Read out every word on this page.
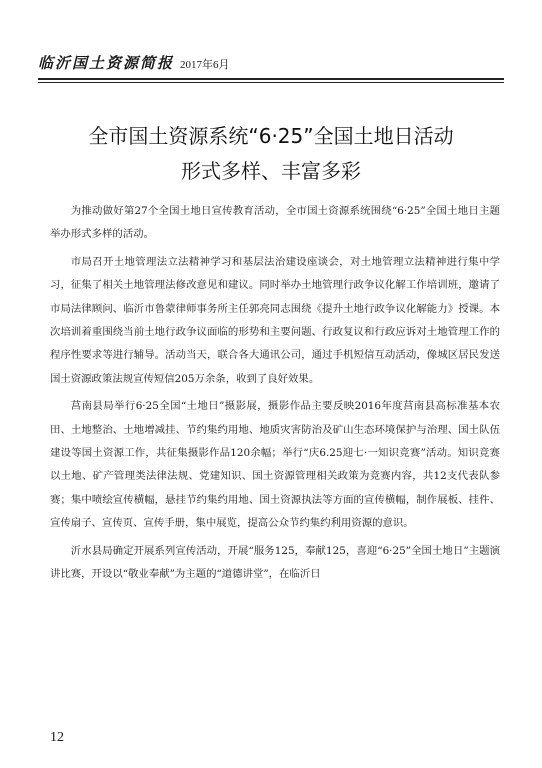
临沂国土资源简报 2017年6月
全市国土资源系统“6·25”全国土地日活动
形式多样、丰富多彩

为推动做好第27个全国土地日宣传教育活动，全市国土资源系统围绕“6·25”全国土地日主题举办形式多样的活动。

市局召开土地管理法立法精神学习和基层法治建设座谈会，对土地管理立法精神进行集中学习，征集了相关土地管理法修改意见和建议。同时举办土地管理行政争议化解工作培训班，邀请了市局法律顾问、临沂市鲁蒙律师事务所主任郭亮同志围绕《提升土地行政争议化解能力》授课。本次培训着重围绕当前土地行政争议面临的形势和主要问题、行政复议和行政应诉对土地管理工作的程序性要求等进行辅导。活动当天，联合各大通讯公司，通过手机短信互动活动，像城区居民发送国土资源政策法规宣传短信205万余条，收到了良好效果。

莒南县局举行6·25全国“土地日”摄影展，摄影作品主要反映2016年度莒南县高标准基本农田、土地整治、土地增减挂、节约集约用地、地质灾害防治及矿山生态环境保护与治理、国土队伍建设等国土资源工作，共征集摄影作品120余幅；举行“庆6.25迎七·一知识竞赛”活动。知识竞赛以土地、矿产管理类法律法规、党建知识、国土资源管理相关政策为竞赛内容，共12支代表队参赛；集中喷绘宣传横幅，悬挂节约集约用地、国土资源执法等方面的宣传横幅，制作展板、挂件、宣传扇子、宣传页、宣传手册，集中展览，提高公众节约集约利用资源的意识。

沂水县局确定开展系列宣传活动，开展“服务125，奉献125，喜迎“6·25”全国土地日”主题演讲比赛，开设以“敬业奉献”为主题的“道德讲堂”，在临沂日

12
